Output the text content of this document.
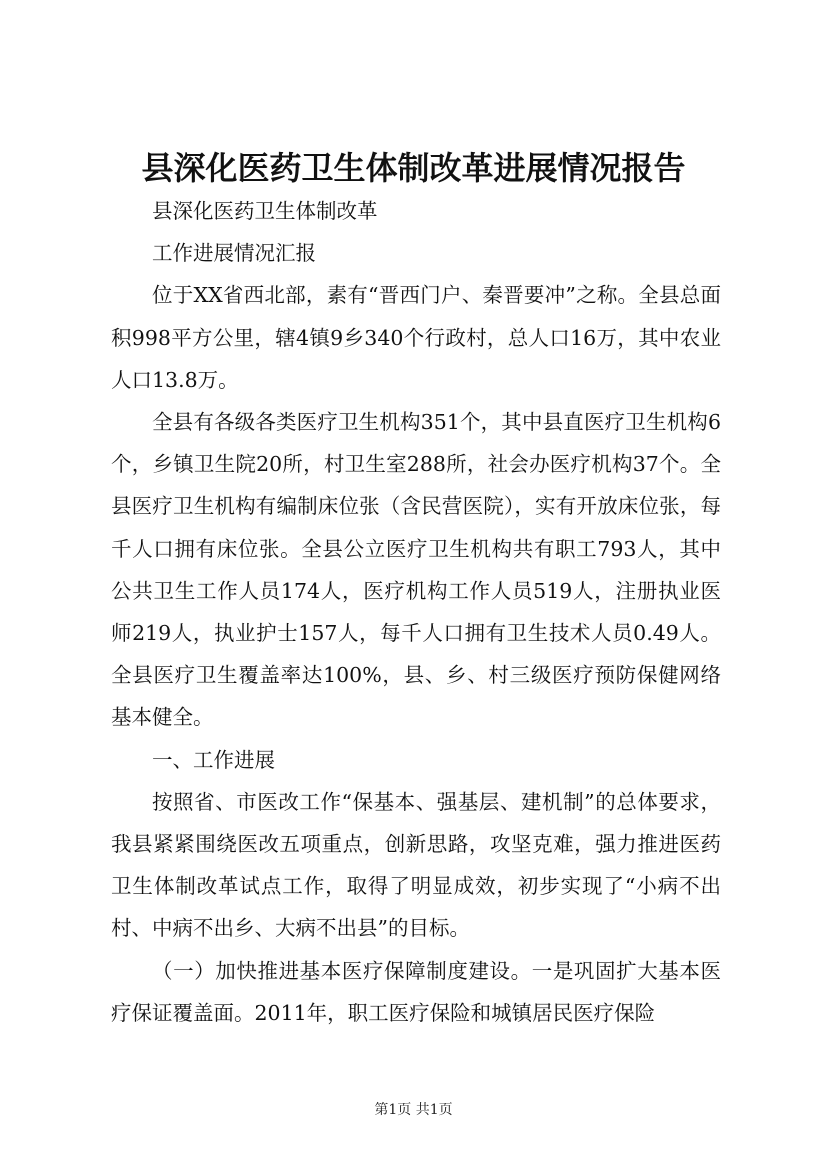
县深化医药卫生体制改革进展情况报告

县深化医药卫生体制改革

工作进展情况汇报

位于XX省西北部，素有“晋西门户、秦晋要冲”之称。全县总面积998平方公里，辖4镇9乡340个行政村，总人口16万，其中农业人口13.8万。

全县有各级各类医疗卫生机构351个，其中县直医疗卫生机构6个，乡镇卫生院20所，村卫生室288所，社会办医疗机构37个。全县医疗卫生机构有编制床位张（含民营医院），实有开放床位张，每千人口拥有床位张。全县公立医疗卫生机构共有职工793人，其中公共卫生工作人员174人，医疗机构工作人员519人，注册执业医师219人，执业护士157人，每千人口拥有卫生技术人员0.49人。全县医疗卫生覆盖率达100%，县、乡、村三级医疗预防保健网络基本健全。

一、工作进展

按照省、市医改工作“保基本、强基层、建机制”的总体要求，我县紧紧围绕医改五项重点，创新思路，攻坚克难，强力推进医药卫生体制改革试点工作，取得了明显成效，初步实现了“小病不出村、中病不出乡、大病不出县”的目标。

（一）加快推进基本医疗保障制度建设。一是巩固扩大基本医疗保证覆盖面。2011年，职工医疗保险和城镇居民医疗保险

第1页 共1页
